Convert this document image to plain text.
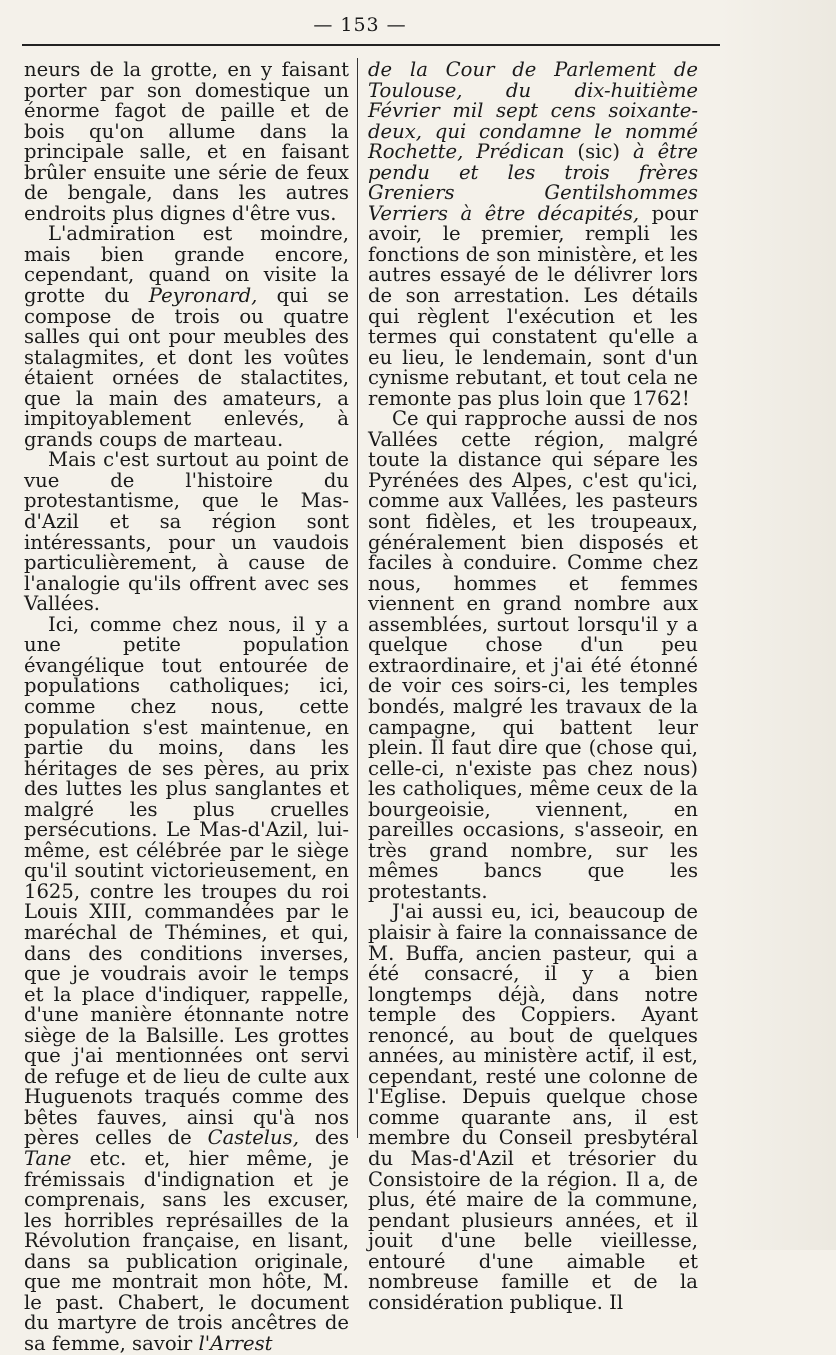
— 153 —

neurs de la grotte, en y faisant porter par son domestique un énorme fagot de paille et de bois qu'on allume dans la principale salle, et en faisant brûler ensuite une série de feux de bengale, dans les autres endroits plus dignes d'être vus.

L'admiration est moindre, mais bien grande encore, cependant, quand on visite la grotte du Peyronard, qui se compose de trois ou quatre salles qui ont pour meubles des stalagmites, et dont les voûtes étaient ornées de stalactites, que la main des amateurs, a impitoyablement enlevés, à grands coups de marteau.

Mais c'est surtout au point de vue de l'histoire du protestantisme, que le Mas-d'Azil et sa région sont intéressants, pour un vaudois particulièrement, à cause de l'analogie qu'ils offrent avec ses Vallées.

Ici, comme chez nous, il y a une petite population évangélique tout entourée de populations catholiques; ici, comme chez nous, cette population s'est maintenue, en partie du moins, dans les héritages de ses pères, au prix des luttes les plus sanglantes et malgré les plus cruelles persécutions. Le Mas-d'Azil, lui-même, est célébrée par le siège qu'il soutint victorieusement, en 1625, contre les troupes du roi Louis XIII, commandées par le maréchal de Thémines, et qui, dans des conditions inverses, que je voudrais avoir le temps et la place d'indiquer, rappelle, d'une manière étonnante notre siège de la Balsille. Les grottes que j'ai mentionnées ont servi de refuge et de lieu de culte aux Huguenots traqués comme des bêtes fauves, ainsi qu'à nos pères celles de Castelus, des Tane etc. et, hier même, je frémissais d'indignation et je comprenais, sans les excuser, les horribles représailles de la Révolution française, en lisant, dans sa publication originale, que me montrait mon hôte, M. le past. Chabert, le document du martyre de trois ancêtres de sa femme, savoir l'Arrest

de la Cour de Parlement de Toulouse, du dix-huitième Février mil sept cens soixante-deux, qui condamne le nommé Rochette, Prédican (sic) à être pendu et les trois frères Greniers Gentilshommes Verriers à être décapités, pour avoir, le premier, rempli les fonctions de son ministère, et les autres essayé de le délivrer lors de son arrestation. Les détails qui règlent l'exécution et les termes qui constatent qu'elle a eu lieu, le lendemain, sont d'un cynisme rebutant, et tout cela ne remonte pas plus loin que 1762!

Ce qui rapproche aussi de nos Vallées cette région, malgré toute la distance qui sépare les Pyrénées des Alpes, c'est qu'ici, comme aux Vallées, les pasteurs sont fidèles, et les troupeaux, généralement bien disposés et faciles à conduire. Comme chez nous, hommes et femmes viennent en grand nombre aux assemblées, surtout lorsqu'il y a quelque chose d'un peu extraordinaire, et j'ai été étonné de voir ces soirs-ci, les temples bondés, malgré les travaux de la campagne, qui battent leur plein. Il faut dire que (chose qui, celle-ci, n'existe pas chez nous) les catholiques, même ceux de la bourgeoisie, viennent, en pareilles occasions, s'asseoir, en très grand nombre, sur les mêmes bancs que les protestants.

J'ai aussi eu, ici, beaucoup de plaisir à faire la connaissance de M. Buffa, ancien pasteur, qui a été consacré, il y a bien longtemps déjà, dans notre temple des Coppiers. Ayant renoncé, au bout de quelques années, au ministère actif, il est, cependant, resté une colonne de l'Eglise. Depuis quelque chose comme quarante ans, il est membre du Conseil presbytéral du Mas-d'Azil et trésorier du Consistoire de la région. Il a, de plus, été maire de la commune, pendant plusieurs années, et il jouit d'une belle vieillesse, entouré d'une aimable et nombreuse famille et de la considération publique. Il
